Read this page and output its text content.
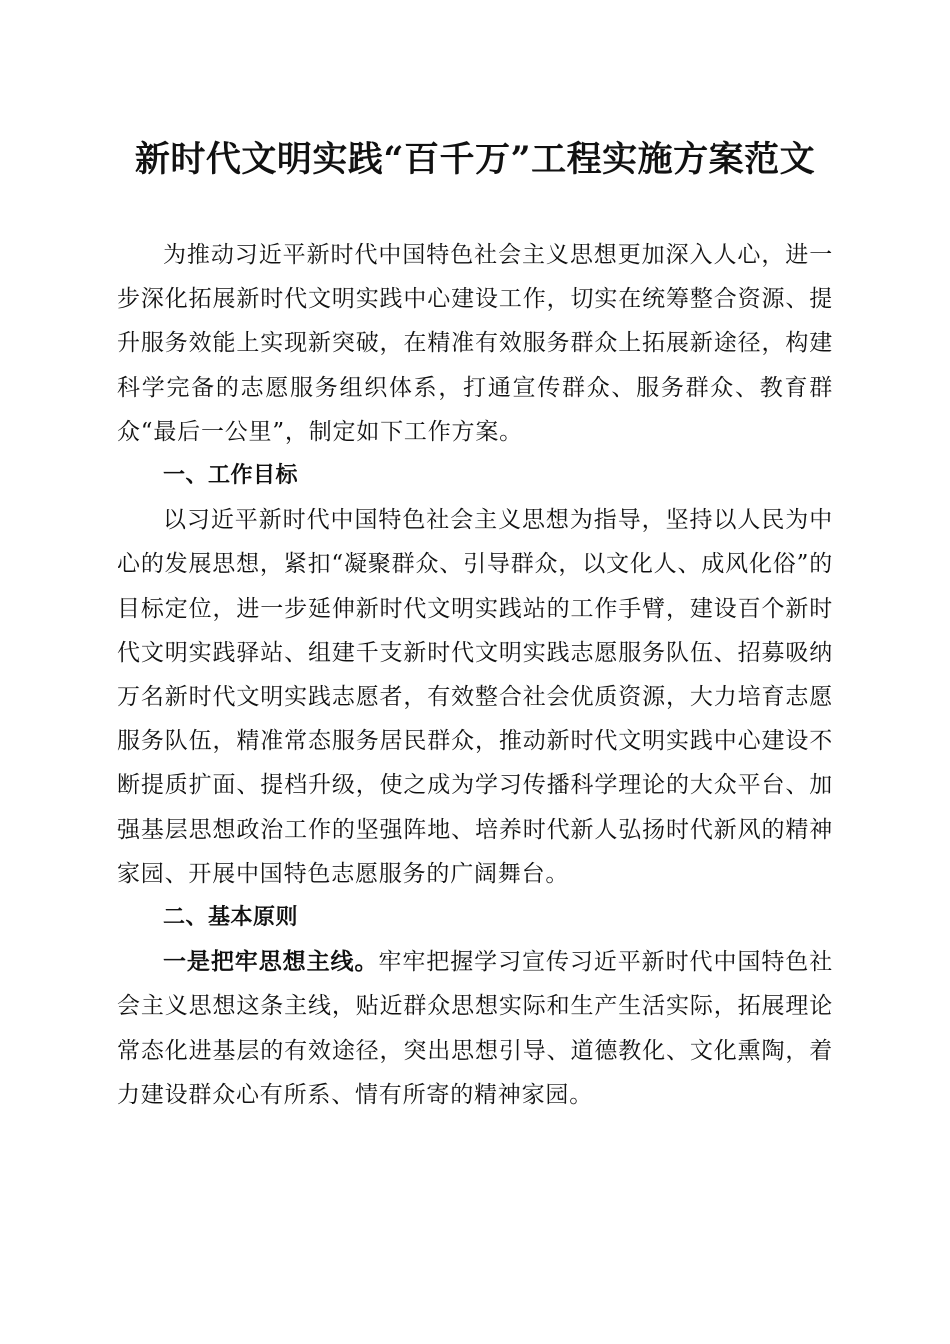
新时代文明实践“百千万”工程实施方案范文

为推动习近平新时代中国特色社会主义思想更加深入人心，进一步深化拓展新时代文明实践中心建设工作，切实在统筹整合资源、提升服务效能上实现新突破，在精准有效服务群众上拓展新途径，构建科学完备的志愿服务组织体系，打通宣传群众、服务群众、教育群众“最后一公里”，制定如下工作方案。

一、工作目标

以习近平新时代中国特色社会主义思想为指导，坚持以人民为中心的发展思想，紧扣“凝聚群众、引导群众，以文化人、成风化俗”的目标定位，进一步延伸新时代文明实践站的工作手臂，建设百个新时代文明实践驿站、组建千支新时代文明实践志愿服务队伍、招募吸纳万名新时代文明实践志愿者，有效整合社会优质资源，大力培育志愿服务队伍，精准常态服务居民群众，推动新时代文明实践中心建设不断提质扩面、提档升级，使之成为学习传播科学理论的大众平台、加强基层思想政治工作的坚强阵地、培养时代新人弘扬时代新风的精神家园、开展中国特色志愿服务的广阔舞台。

二、基本原则

一是把牢思想主线。牢牢把握学习宣传习近平新时代中国特色社会主义思想这条主线，贴近群众思想实际和生产生活实际，拓展理论常态化进基层的有效途径，突出思想引导、道德教化、文化熏陶，着力建设群众心有所系、情有所寄的精神家园。
